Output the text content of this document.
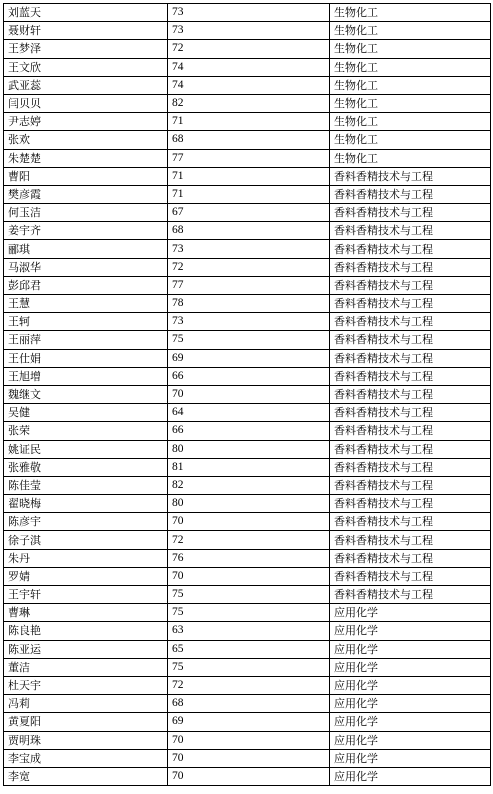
刘蓝天	73	生物化工
聂财轩	73	生物化工
王梦泽	72	生物化工
王文欣	74	生物化工
武亚蕊	74	生物化工
闫贝贝	82	生物化工
尹志婷	71	生物化工
张欢	68	生物化工
朱楚楚	77	生物化工
曹阳	71	香料香精技术与工程
樊彦霞	71	香料香精技术与工程
何玉洁	67	香料香精技术与工程
姜宇齐	68	香料香精技术与工程
郦琪	73	香料香精技术与工程
马淑华	72	香料香精技术与工程
彭邱君	77	香料香精技术与工程
王慧	78	香料香精技术与工程
王轲	73	香料香精技术与工程
王丽萍	75	香料香精技术与工程
王仕娟	69	香料香精技术与工程
王旭增	66	香料香精技术与工程
魏继文	70	香料香精技术与工程
吴健	64	香料香精技术与工程
张荣	66	香料香精技术与工程
姚证民	80	香料香精技术与工程
张雅敬	81	香料香精技术与工程
陈佳莹	82	香料香精技术与工程
翟晓梅	80	香料香精技术与工程
陈彦宇	70	香料香精技术与工程
徐子淇	72	香料香精技术与工程
朱丹	76	香料香精技术与工程
罗婧	70	香料香精技术与工程
王宇轩	75	香料香精技术与工程
曹琳	75	应用化学
陈良艳	63	应用化学
陈亚运	65	应用化学
董洁	75	应用化学
杜天宇	72	应用化学
冯莉	68	应用化学
黄夏阳	69	应用化学
贾明珠	70	应用化学
李宝成	70	应用化学
李宽	70	应用化学
